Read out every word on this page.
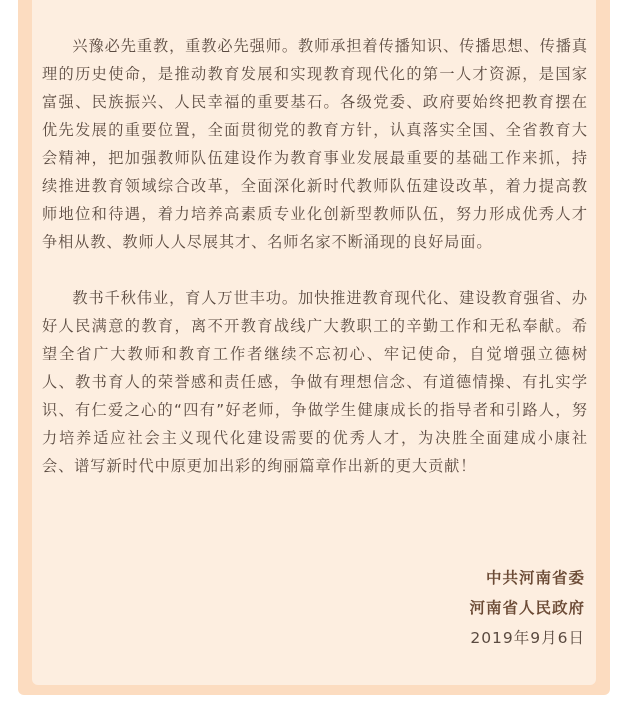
兴豫必先重教，重教必先强师。教师承担着传播知识、传播思想、传播真理的历史使命，是推动教育发展和实现教育现代化的第一人才资源，是国家富强、民族振兴、人民幸福的重要基石。各级党委、政府要始终把教育摆在优先发展的重要位置，全面贯彻党的教育方针，认真落实全国、全省教育大会精神，把加强教师队伍建设作为教育事业发展最重要的基础工作来抓，持续推进教育领域综合改革，全面深化新时代教师队伍建设改革，着力提高教师地位和待遇，着力培养高素质专业化创新型教师队伍，努力形成优秀人才争相从教、教师人人尽展其才、名师名家不断涌现的良好局面。

教书千秋伟业，育人万世丰功。加快推进教育现代化、建设教育强省、办好人民满意的教育，离不开教育战线广大教职工的辛勤工作和无私奉献。希望全省广大教师和教育工作者继续不忘初心、牢记使命，自觉增强立德树人、教书育人的荣誉感和责任感，争做有理想信念、有道德情操、有扎实学识、有仁爱之心的“四有”好老师，争做学生健康成长的指导者和引路人，努力培养适应社会主义现代化建设需要的优秀人才，为决胜全面建成小康社会、谱写新时代中原更加出彩的绚丽篇章作出新的更大贡献！

中共河南省委
河南省人民政府
2019年9月6日
